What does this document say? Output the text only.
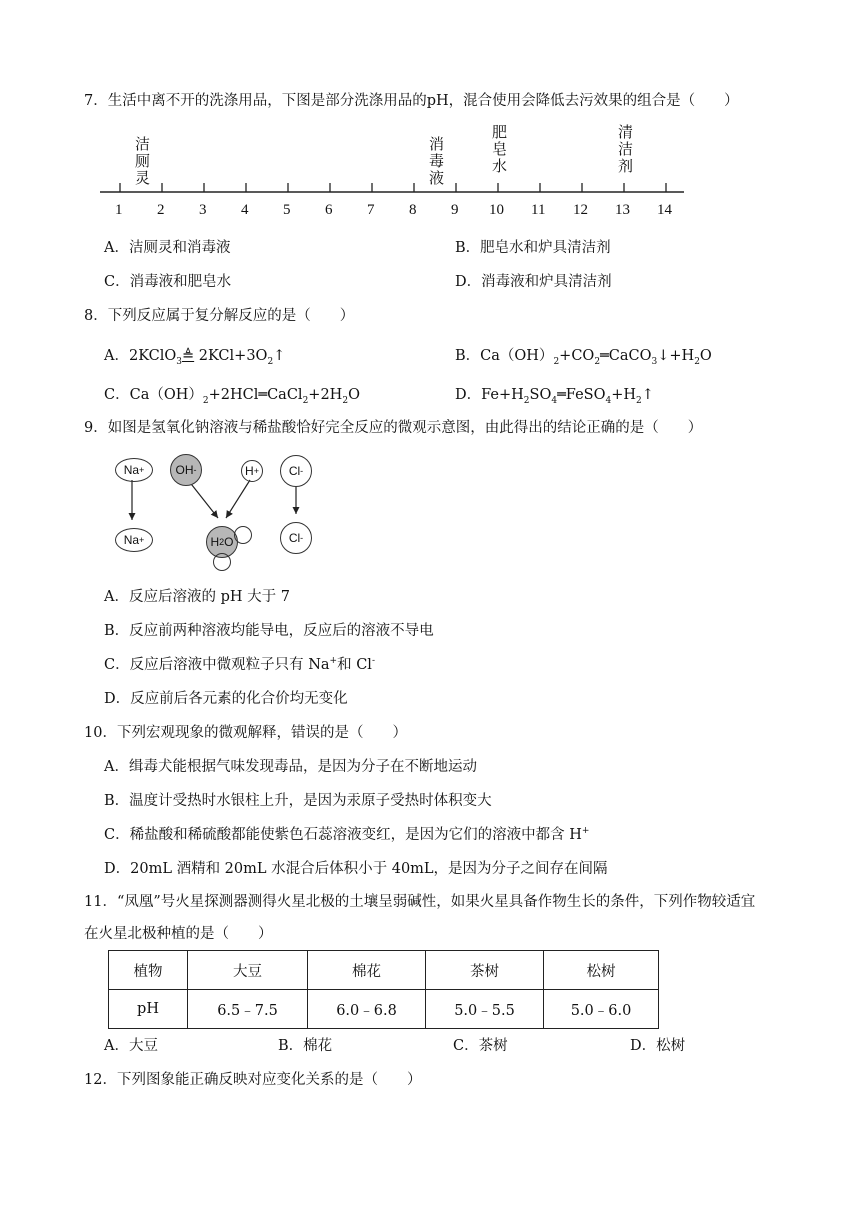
7．生活中离不开的洗涤用品，下图是部分洗涤用品的pH，混合使用会降低去污效果的组合是（　　）
1 2 3 4 5 6 7 8 9 10 11 12 13 14
洁厕灵	消毒液	肥皂水	清洁剂
A．洁厕灵和消毒液	B．肥皂水和炉具清洁剂
C．消毒液和肥皂水	D．消毒液和炉具清洁剂
8．下列反应属于复分解反应的是（　　）
A．2KClO$_3$≜ $2KCl+3O_2↑$	B．$Ca(OH)_2+CO_2═CaCO_3↓+H_2O$
C．$Ca(OH)_2+2HCl═CaCl_2+2H_2O$	D．$Fe+H_2SO_4═FeSO_4+H_2↑$
9．如图是氢氧化钠溶液与稀盐酸恰好完全反应的微观示意图，由此得出的结论正确的是（　　）
Na +	OH -	H + Cl -
Na +	H 2 O	Cl -
A．反应后溶液的 pH 大于 7
B．反应前两种溶液均能导电，反应后的溶液不导电
C．反应后溶液中微观粒子只有 Na+和 Cl-
D．反应前后各元素的化合价均无变化
10．下列宏观现象的微观解释，错误的是（　　）
A．缉毒犬能根据气味发现毒品，是因为分子在不断地运动
B．温度计受热时水银柱上升，是因为汞原子受热时体积变大
C．稀盐酸和稀硫酸都能使紫色石蕊溶液变红，是因为它们的溶液中都含 H+
D．20mL 酒精和 20mL 水混合后体积小于 40mL，是因为分子之间存在间隔
11．“凤凰”号火星探测器测得火星北极的土壤呈弱碱性，如果火星具备作物生长的条件，下列作物较适宜
在火星北极种植的是（　　）
植物	大豆	棉花	茶树	松树
pH	6.5﹣7.5	6.0﹣6.8	5.0﹣5.5	5.0﹣6.0
A．大豆	B．棉花	C．茶树	D．松树
12．下列图象能正确反映对应变化关系的是（　　）
